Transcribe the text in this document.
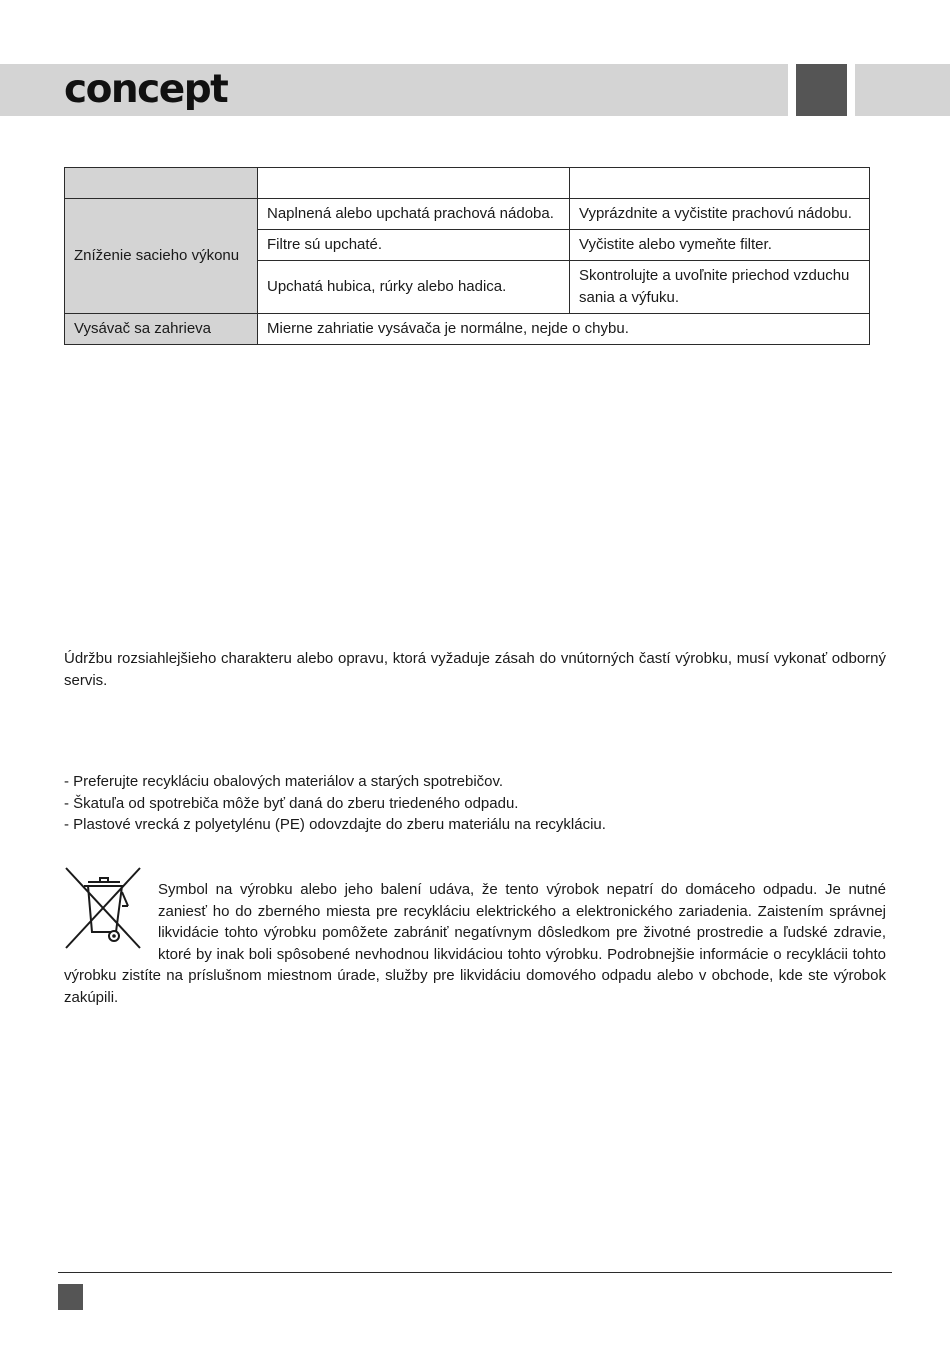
concept

Zníženie sacieho výkonu	Naplnená alebo upchatá prachová nádoba.	Vyprázdnite a vyčistite prachovú nádobu.
	Filtre sú upchaté.	Vyčistite alebo vymeňte filter.
	Upchatá hubica, rúrky alebo hadica.	Skontrolujte a uvoľnite priechod vzduchu sania a výfuku.
Vysávač sa zahrieva	Mierne zahriatie vysávača je normálne, nejde o chybu.	
Údržbu rozsiahlejšieho charakteru alebo opravu, ktorá vyžaduje zásah do vnútorných častí výrobku, musí vykonať odborný servis.
- Preferujte recykláciu obalových materiálov a starých spotrebičov.
- Škatuľa od spotrebiča môže byť daná do zberu triedeného odpadu.
- Plastové vrecká z polyetylénu (PE) odovzdajte do zberu materiálu na recykláciu.
Symbol na výrobku alebo jeho balení udáva, že tento výrobok nepatrí do domáceho odpadu. Je nutné zaniesť ho do zberného miesta pre recykláciu elektrického a elektronického zariadenia. Zaistením správnej likvidácie tohto výrobku pomôžete zabrániť negatívnym dôsledkom pre životné prostredie a ľudské zdravie, ktoré by inak boli spôsobené nevhodnou likvidáciou tohto výrobku. Podrobnejšie informácie o recyklácii tohto výrobku zistíte na príslušnom miestnom úrade, služby pre likvidáciu domového odpadu alebo v obchode, kde ste výrobok zakúpili.
